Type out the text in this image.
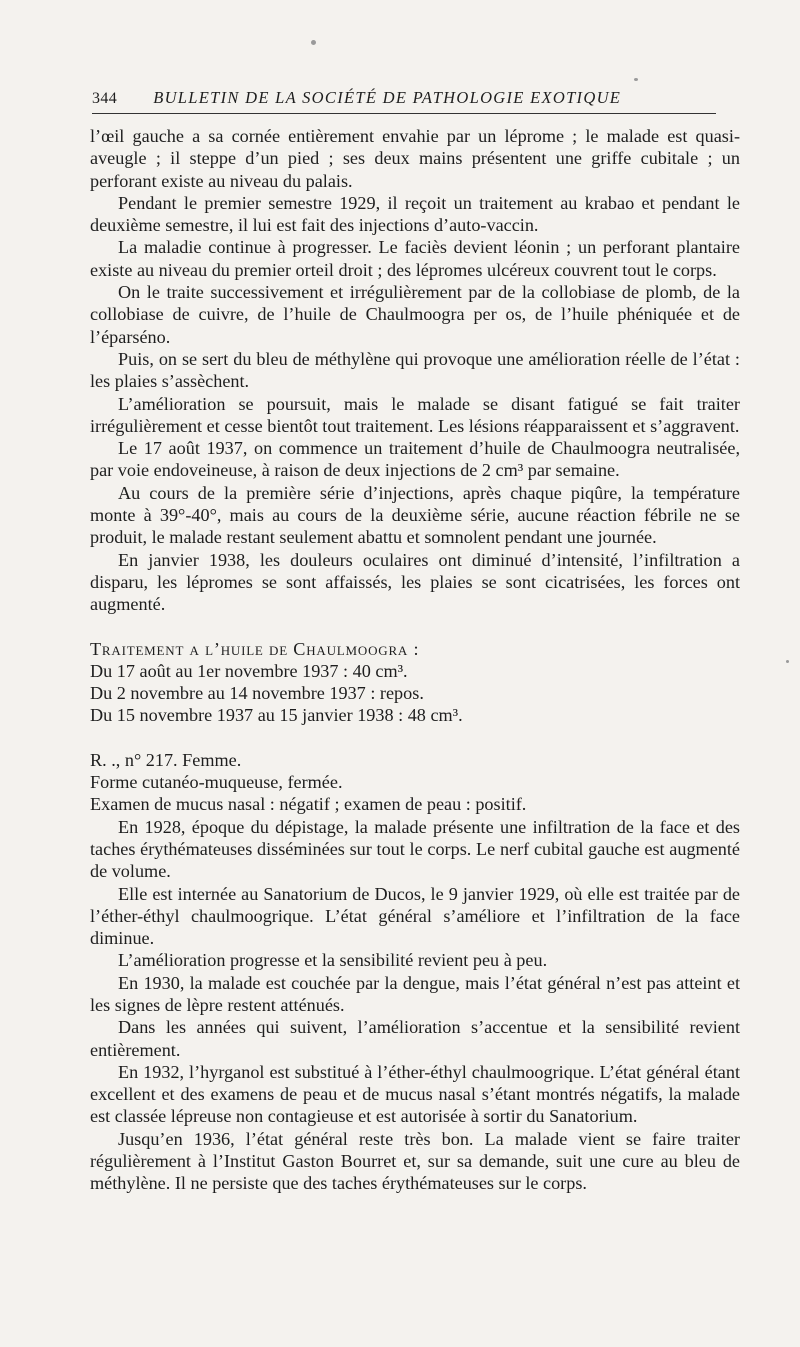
344 BULLETIN DE LA SOCIÉTÉ DE PATHOLOGIE EXOTIQUE

l’œil gauche a sa cornée entièrement envahie par un lépromе ; le malade est quasi-aveugle ; il steppe d’un pied ; ses deux mains présentent une griffe cubitale ; un perforant existe au niveau du palais.

Pendant le premier semestre 1929, il reçoit un traitement au krabao et pendant le deuxième semestre, il lui est fait des injections d’auto-vaccin.

La maladie continue à progresser. Le faciès devient léonin ; un perforant plantaire existe au niveau du premier orteil droit ; des lépromes ulcéreux couvrent tout le corps.

On le traite successivement et irrégulièrement par de la collobiase de plomb, de la collobiase de cuivre, de l’huile de Chaulmoogra per os, de l’huile phéniquée et de l’éparséno.

Puis, on se sert du bleu de méthylène qui provoque une amélioration réelle de l’état : les plaies s’assèchent.

L’amélioration se poursuit, mais le malade se disant fatigué se fait traiter irrégulièrement et cesse bientôt tout traitement. Les lésions réapparaissent et s’aggravent.

Le 17 août 1937, on commence un traitement d’huile de Chaulmoogra neutralisée, par voie endoveineuse, à raison de deux injections de 2 cm³ par semaine.

Au cours de la première série d’injections, après chaque piqûre, la température monte à 39°-40°, mais au cours de la deuxième série, aucune réaction fébrile ne se produit, le malade restant seulement abattu et somnolent pendant une journée.

En janvier 1938, les douleurs oculaires ont diminué d’intensité, l’infiltration a disparu, les lépromes se sont affaissés, les plaies se sont cicatrisées, les forces ont augmenté.

Traitement a l’huile de Chaulmoogra :

Du 17 août au 1er novembre 1937 : 40 cm³.

Du 2 novembre au 14 novembre 1937 : repos.

Du 15 novembre 1937 au 15 janvier 1938 : 48 cm³.

R. ., n° 217. Femme.

Forme cutanéo-muqueuse, fermée.

Examen de mucus nasal : négatif ; examen de peau : positif.

En 1928, époque du dépistage, la malade présente une infiltration de la face et des taches érythémateuses disséminées sur tout le corps. Le nerf cubital gauche est augmenté de volume.

Elle est internée au Sanatorium de Ducos, le 9 janvier 1929, où elle est traitée par de l’éther-éthyl chaulmoogrique. L’état général s’améliore et l’infiltration de la face diminue.

L’amélioration progresse et la sensibilité revient peu à peu.

En 1930, la malade est couchée par la dengue, mais l’état général n’est pas atteint et les signes de lèpre restent atténués.

Dans les années qui suivent, l’amélioration s’accentue et la sensibilité revient entièrement.

En 1932, l’hyrganol est substitué à l’éther-éthyl chaulmoogrique. L’état général étant excellent et des examens de peau et de mucus nasal s’étant montrés négatifs, la malade est classée lépreuse non contagieuse et est autorisée à sortir du Sanatorium.

Jusqu’en 1936, l’état général reste très bon. La malade vient se faire traiter régulièrement à l’Institut Gaston Bourret et, sur sa demande, suit une cure au bleu de méthylène. Il ne persiste que des taches érythémateuses sur le corps.
